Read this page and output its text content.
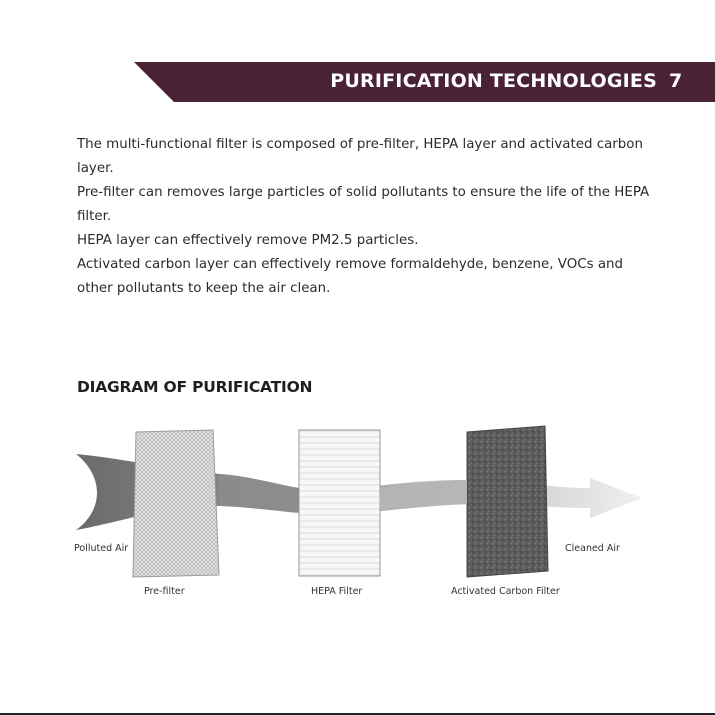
PURIFICATION TECHNOLOGIES 7

The multi-functional filter is composed of pre-filter, HEPA layer and activated carbon layer.

Pre-filter can removes large particles of solid pollutants to ensure the life of the HEPA filter.

HEPA layer can effectively remove PM2.5 particles.

Activated carbon layer can effectively remove formaldehyde, benzene, VOCs and other pollutants to keep the air clean.

DIAGRAM OF PURIFICATION
Polluted Air	Cleaned Air
Pre-filter	HEPA Filter	Activated Carbon Filter
